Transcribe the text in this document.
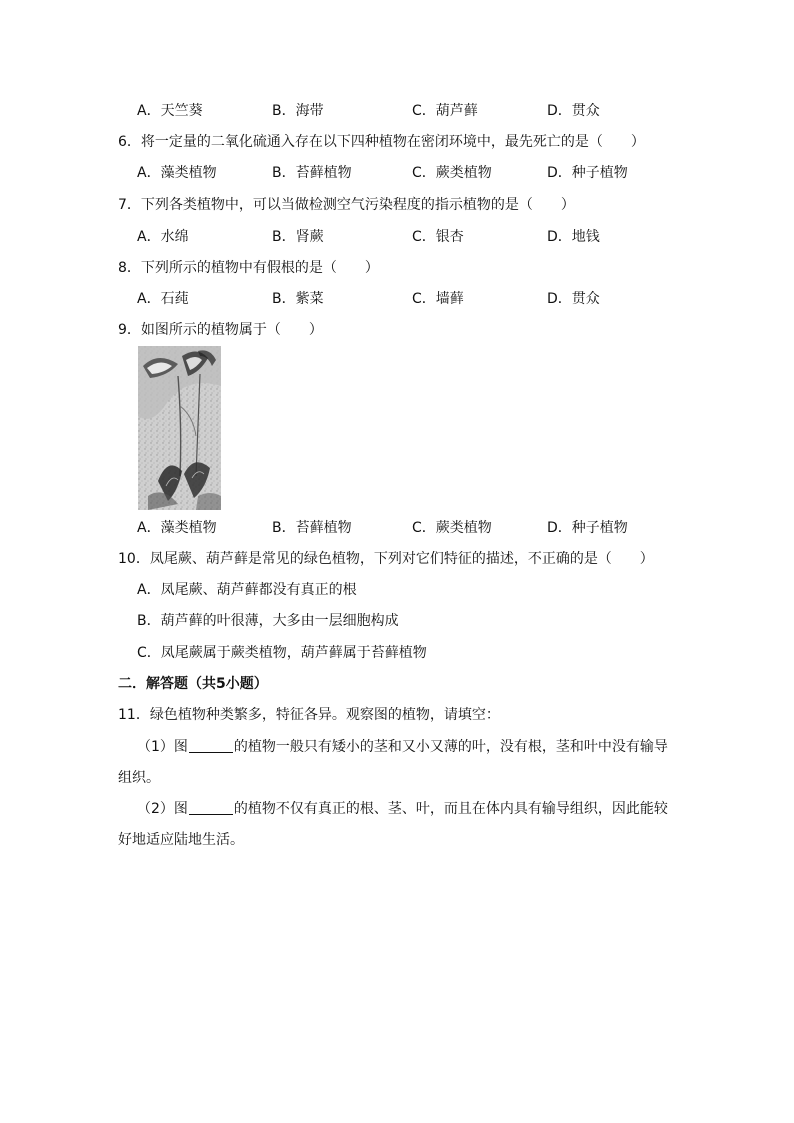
A．天竺葵	B．海带	C．葫芦藓	D．贯众
6．将一定量的二氧化硫通入存在以下四种植物在密闭环境中，最先死亡的是（　　）
A．藻类植物	B．苔藓植物	C．蕨类植物	D．种子植物
7．下列各类植物中，可以当做检测空气污染程度的指示植物的是（　　）
A．水绵	B．肾蕨	C．银杏	D．地钱
8．下列所示的植物中有假根的是（　　）
A．石莼	B．紫菜	C．墙藓	D．贯众
9．如图所示的植物属于（　　）
A．藻类植物	B．苔藓植物	C．蕨类植物	D．种子植物
10．凤尾蕨、葫芦藓是常见的绿色植物，下列对它们特征的描述，不正确的是（　　）
A．凤尾蕨、葫芦藓都没有真正的根
B．葫芦藓的叶很薄，大多由一层细胞构成
C．凤尾蕨属于蕨类植物，葫芦藓属于苔藓植物
二．解答题（共5小题）
11．绿色植物种类繁多，特征各异。观察图的植物，请填空：
（1）图	的植物一般只有矮小的茎和又小又薄的叶，没有根，茎和叶中没有输导
组织。
（2）图	的植物不仅有真正的根、茎、叶，而且在体内具有输导组织，因此能较
好地适应陆地生活。
